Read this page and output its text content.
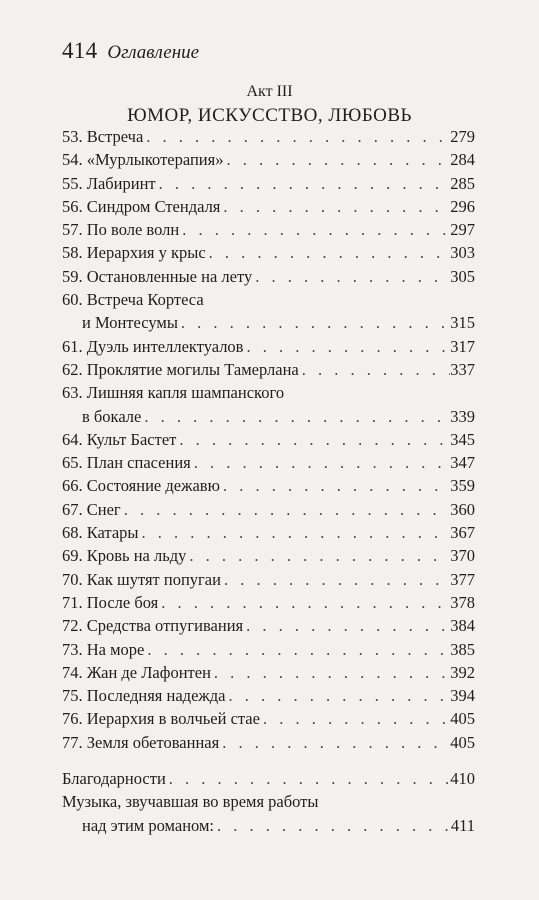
414 Оглавление
Акт III
ЮМОР, ИСКУССТВО, ЛЮБОВЬ
53. Встреча . . .	279
54. «Мурлыкотерапия» . . .	284
55. Лабиринт . . .	285
56. Синдром Стендаля . . .	296
57. По воле волн . . .	297
58. Иерархия у крыс . . .	303
59. Остановленные на лету . . .	305
60. Встреча Кортеса
и Монтесумы . . .	315
61. Дуэль интеллектуалов . . .	317
62. Проклятие могилы Тамерлана . . .	337
63. Лишняя капля шампанского
в бокале . . .	339
64. Культ Бастет . . .	345
65. План спасения . . .	347
66. Состояние дежавю . . .	359
67. Снег . . .	360
68. Катары . . .	367
69. Кровь на льду . . .	370
70. Как шутят попугаи . . .	377
71. После боя . . .	378
72. Средства отпугивания . . .	384
73. На море . . .	385
74. Жан де Лафонтен . . .	392
75. Последняя надежда . . .	394
76. Иерархия в волчьей стае . . .	405
77. Земля обетованная . . .	405
Благодарности . . .	410
Музыка, звучавшая во время работы
над этим романом: . . .	411
